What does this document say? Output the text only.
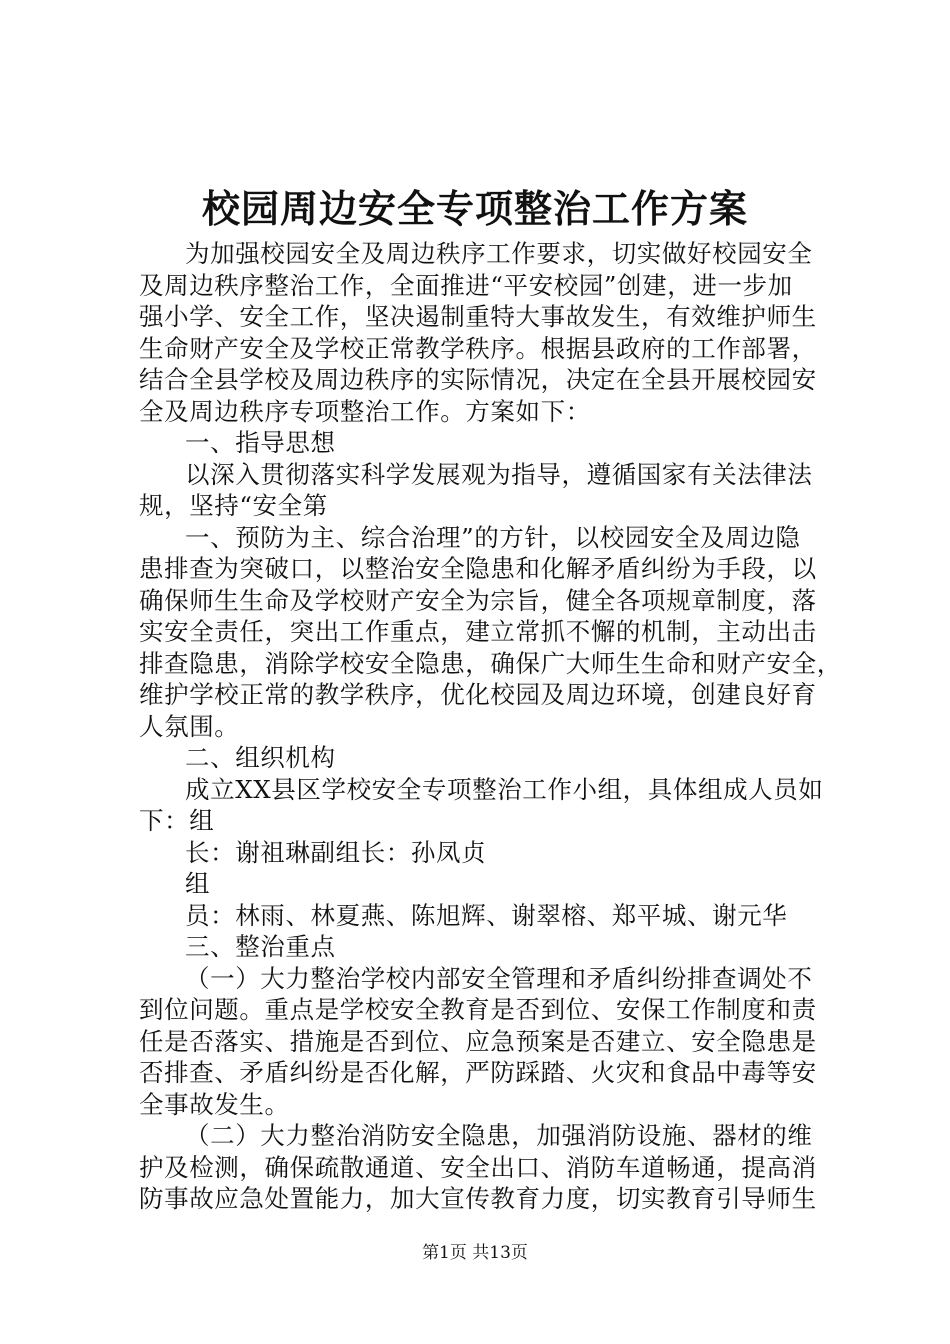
校园周边安全专项整治工作方案
为加强校园安全及周边秩序工作要求，切实做好校园安全
及周边秩序整治工作，全面推进“平安校园”创建，进一步加
强小学、安全工作，坚决遏制重特大事故发生，有效维护师生
生命财产安全及学校正常教学秩序。根据县政府的工作部署，
结合全县学校及周边秩序的实际情况，决定在全县开展校园安
全及周边秩序专项整治工作。方案如下：
一、指导思想
以深入贯彻落实科学发展观为指导，遵循国家有关法律法
规，坚持“安全第
一、预防为主、综合治理”的方针，以校园安全及周边隐
患排查为突破口，以整治安全隐患和化解矛盾纠纷为手段，以
确保师生生命及学校财产安全为宗旨，健全各项规章制度，落
实安全责任，突出工作重点，建立常抓不懈的机制，主动出击
排查隐患，消除学校安全隐患，确保广大师生生命和财产安全，
维护学校正常的教学秩序，优化校园及周边环境，创建良好育
人氛围。
二、组织机构
成立XX县区学校安全专项整治工作小组，具体组成人员如
下：组
长：谢祖琳副组长：孙凤贞
组
员：林雨、林夏燕、陈旭辉、谢翠榕、郑平城、谢元华
三、整治重点
（一）大力整治学校内部安全管理和矛盾纠纷排查调处不
到位问题。重点是学校安全教育是否到位、安保工作制度和责
任是否落实、措施是否到位、应急预案是否建立、安全隐患是
否排查、矛盾纠纷是否化解，严防踩踏、火灾和食品中毒等安
全事故发生。
（二）大力整治消防安全隐患，加强消防设施、器材的维
护及检测，确保疏散通道、安全出口、消防车道畅通，提高消
防事故应急处置能力，加大宣传教育力度，切实教育引导师生
第1页 共13页
